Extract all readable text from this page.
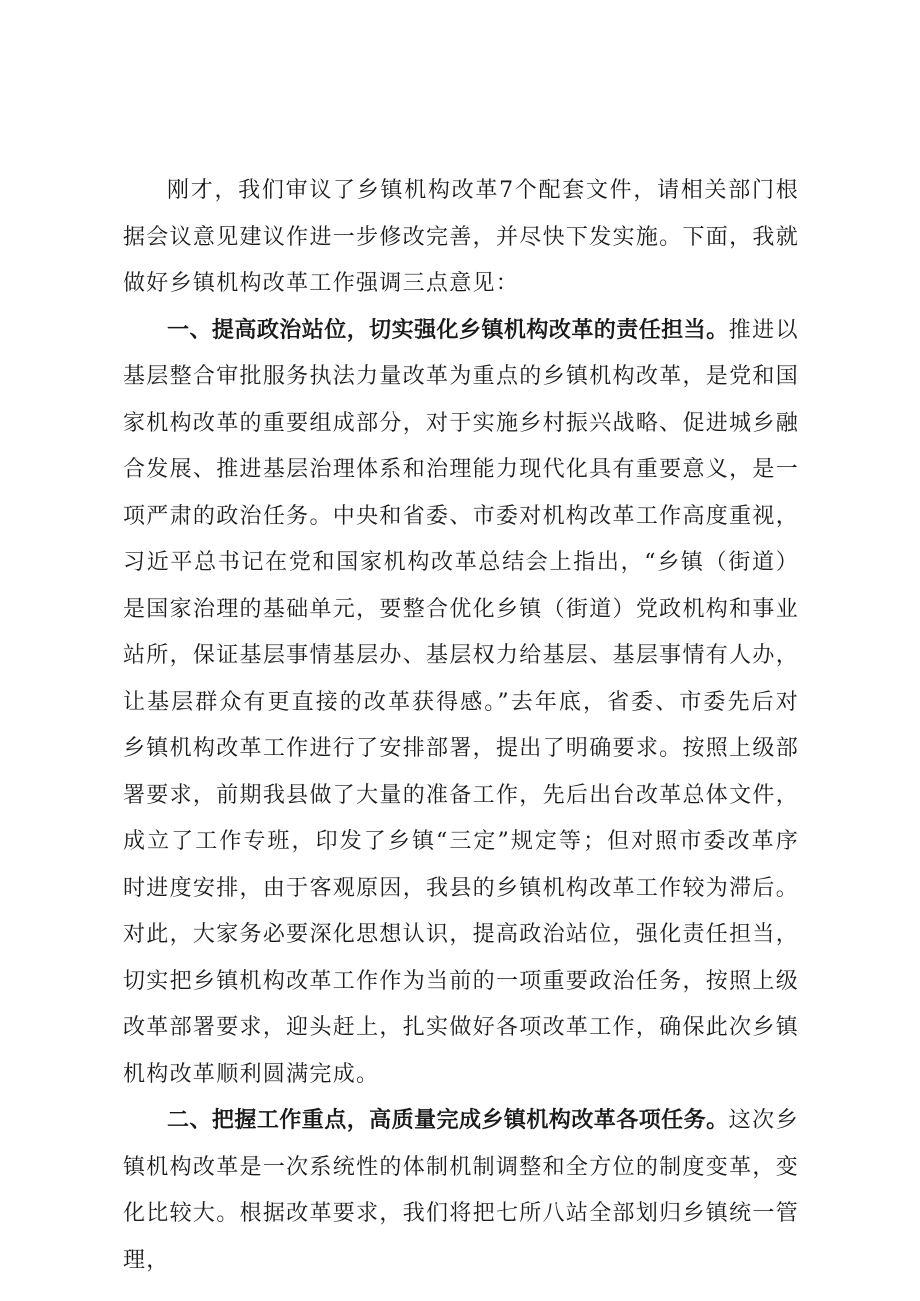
刚才，我们审议了乡镇机构改革7个配套文件，请相关部门根据会议意见建议作进一步修改完善，并尽快下发实施。下面，我就做好乡镇机构改革工作强调三点意见：

一、提高政治站位，切实强化乡镇机构改革的责任担当。推进以基层整合审批服务执法力量改革为重点的乡镇机构改革，是党和国家机构改革的重要组成部分，对于实施乡村振兴战略、促进城乡融合发展、推进基层治理体系和治理能力现代化具有重要意义，是一项严肃的政治任务。中央和省委、市委对机构改革工作高度重视，习近平总书记在党和国家机构改革总结会上指出，“乡镇（街道）是国家治理的基础单元，要整合优化乡镇（街道）党政机构和事业站所，保证基层事情基层办、基层权力给基层、基层事情有人办，让基层群众有更直接的改革获得感。”去年底，省委、市委先后对乡镇机构改革工作进行了安排部署，提出了明确要求。按照上级部署要求，前期我县做了大量的准备工作，先后出台改革总体文件，成立了工作专班，印发了乡镇“三定”规定等；但对照市委改革序时进度安排，由于客观原因，我县的乡镇机构改革工作较为滞后。对此，大家务必要深化思想认识，提高政治站位，强化责任担当，切实把乡镇机构改革工作作为当前的一项重要政治任务，按照上级改革部署要求，迎头赶上，扎实做好各项改革工作，确保此次乡镇机构改革顺利圆满完成。

二、把握工作重点，高质量完成乡镇机构改革各项任务。这次乡镇机构改革是一次系统性的体制机制调整和全方位的制度变革，变化比较大。根据改革要求，我们将把七所八站全部划归乡镇统一管理，
